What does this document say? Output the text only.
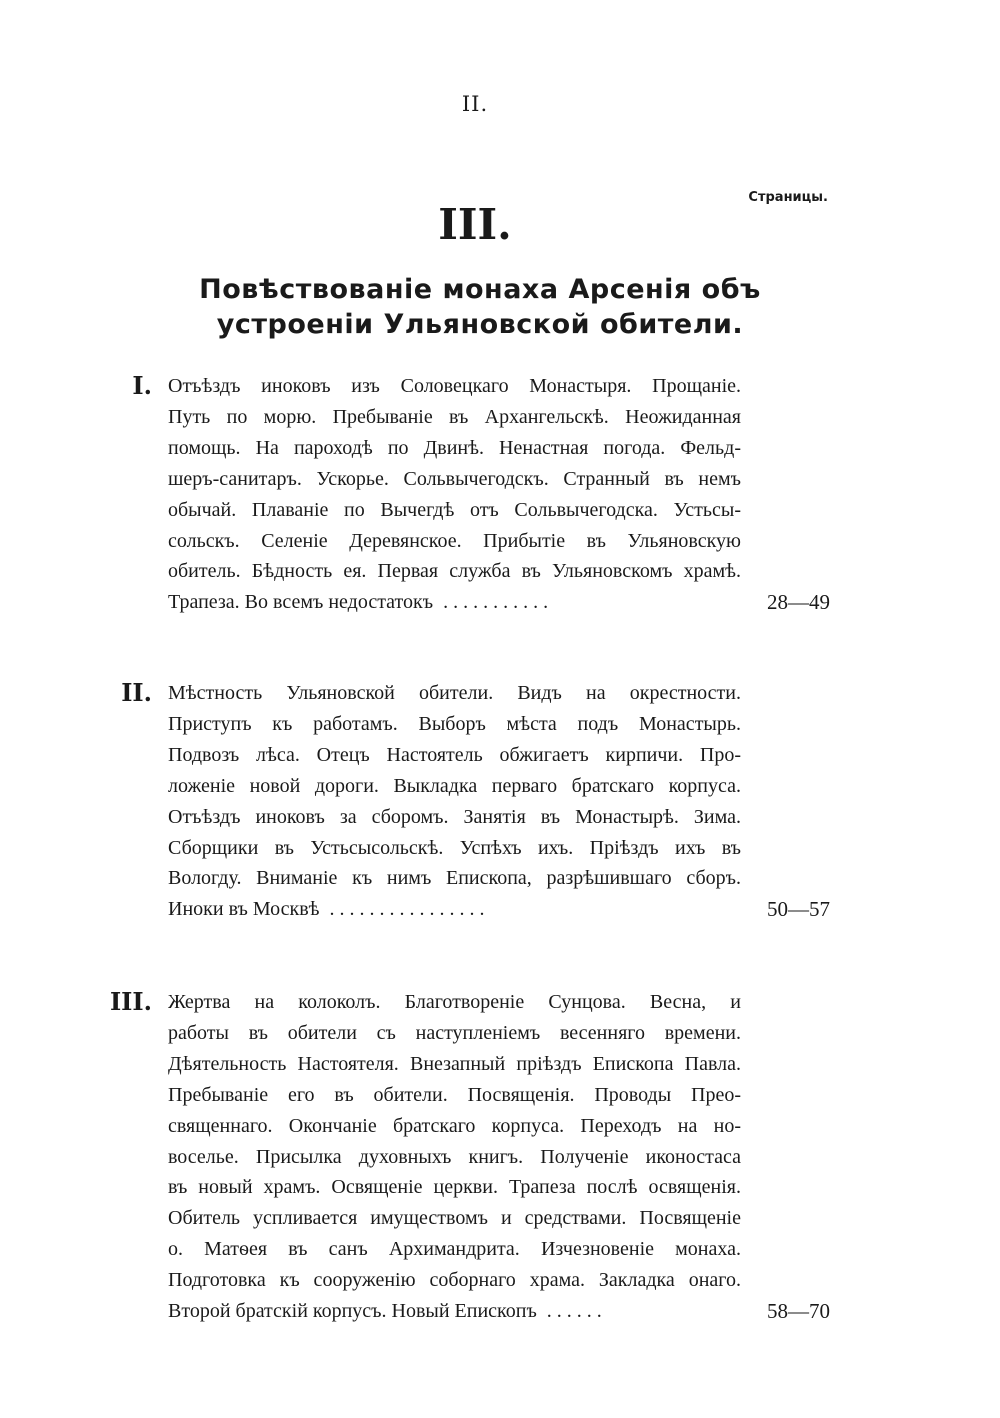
II.
Страницы.
III.
Повѣствованіе монаха Арсенія объ устроеніи Ульяновской обители.
I. Отъѣздъ иноковъ изъ Соловецкаго Монастыря. Прощаніе.
Путь по морю. Пребываніе въ Архангельскѣ. Неожиданная
помощь. На пароходѣ по Двинѣ. Ненастная погода. Фельд-
шеръ-санитаръ. Ускорье. Сольвычегодскъ. Странный въ немъ
обычай. Плаваніе по Вычегдѣ отъ Сольвычегодска. Устьсы-
сольскъ. Селеніе Деревянское. Прибытіе въ Ульяновскую
обитель. Бѣдность ея. Первая служба въ Ульяновскомъ храмѣ.
Трапеза. Во всемъ недостатокъ . . . . . . . . . . .	28—49
II. Мѣстность Ульяновской обители. Видъ на окрестности.
Приступъ къ работамъ. Выборъ мѣста подъ Монастырь.
Подвозъ лѣса. Отецъ Настоятель обжигаетъ кирпичи. Про-
ложеніе новой дороги. Выкладка перваго братскаго корпуса.
Отъѣздъ иноковъ за сборомъ. Занятія въ Монастырѣ. Зима.
Сборщики въ Устьсысольскѣ. Успѣхъ ихъ. Пріѣздъ ихъ въ
Вологду. Вниманіе къ нимъ Епископа, разрѣшившаго сборъ.
Иноки въ Москвѣ . . . . . . . . . . . . . . . .	50—57
III. Жертва на колоколъ. Благотвореніе Сунцова. Весна, и
работы въ обители съ наступленіемъ весенняго времени.
Дѣятельность Настоятеля. Внезапный пріѣздъ Епископа Павла.
Пребываніе его въ обители. Посвященія. Проводы Прео-
священнаго. Окончаніе братскаго корпуса. Переходъ на но-
воселье. Присылка духовныхъ книгъ. Полученіе иконостаса
въ новый храмъ. Освященіе церкви. Трапеза послѣ освященія.
Обитель успливается имуществомъ и средствами. Посвященіе
о. Матѳея въ санъ Архимандрита. Изчезновеніе монаха.
Подготовка къ сооруженію соборнаго храма. Закладка онаго.
Второй братскій корпусъ. Новый Епископъ . . . . . .	58—70
